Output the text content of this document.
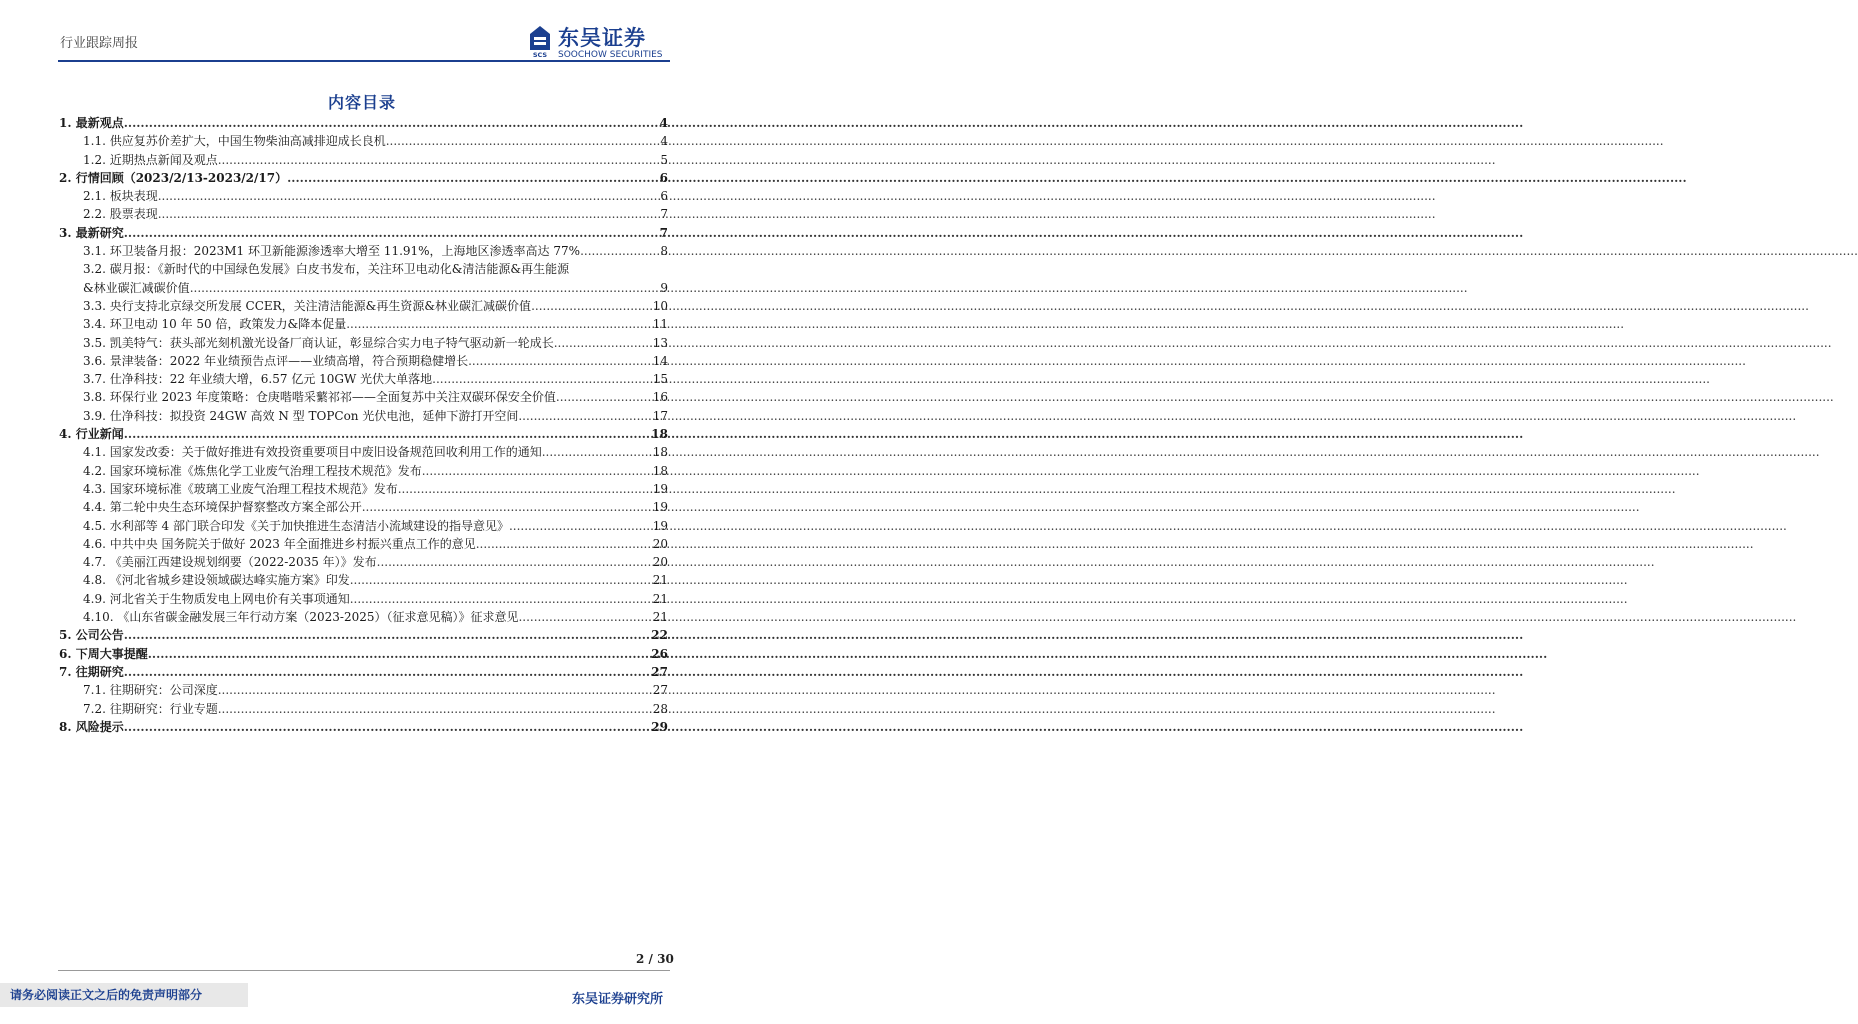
行业跟踪周报
SCS
东吴证券
SOOCHOW SECURITIES
内容目录
1. 最新观点 .....	4
1.1. 供应复苏价差扩大，中国生物柴油高减排迎成长良机 .....	4
1.2. 近期热点新闻及观点 .....	5
2. 行情回顾（2023/2/13-2023/2/17） .....	6
2.1. 板块表现 .....	6
2.2. 股票表现 .....	7
3. 最新研究 .....	7
3.1. 环卫装备月报：2023M1 环卫新能源渗透率大增至 11.91%，上海地区渗透率高达 77% .....	8
3.2. 碳月报：《新时代的中国绿色发展》白皮书发布，关注环卫电动化&清洁能源&再生能源
&林业碳汇减碳价值 .....	9
3.3. 央行支持北京绿交所发展 CCER，关注清洁能源&再生资源&林业碳汇减碳价值 .....	10
3.4. 环卫电动 10 年 50 倍，政策发力&降本促量 .....	11
3.5. 凯美特气：获头部光刻机激光设备厂商认证，彰显综合实力电子特气驱动新一轮成长 .....	13
3.6. 景津装备：2022 年业绩预告点评——业绩高增，符合预期稳健增长 .....	14
3.7. 仕净科技：22 年业绩大增，6.57 亿元 10GW 光伏大单落地 .....	15
3.8. 环保行业 2023 年度策略：仓庚喈喈采蘩祁祁——全面复苏中关注双碳环保安全价值 .....	16
3.9. 仕净科技：拟投资 24GW 高效 N 型 TOPCon 光伏电池，延伸下游打开空间 .....	17
4. 行业新闻 .....	18
4.1. 国家发改委：关于做好推进有效投资重要项目中废旧设备规范回收利用工作的通知 .....	18
4.2. 国家环境标准《炼焦化学工业废气治理工程技术规范》发布 .....	18
4.3. 国家环境标准《玻璃工业废气治理工程技术规范》发布 .....	19
4.4. 第二轮中央生态环境保护督察整改方案全部公开 .....	19
4.5. 水利部等 4 部门联合印发《关于加快推进生态清洁小流域建设的指导意见》 .....	19
4.6. 中共中央 国务院关于做好 2023 年全面推进乡村振兴重点工作的意见 .....	20
4.7. 《美丽江西建设规划纲要（2022-2035 年）》发布 .....	20
4.8. 《河北省城乡建设领域碳达峰实施方案》印发 .....	21
4.9. 河北省关于生物质发电上网电价有关事项通知 .....	21
4.10. 《山东省碳金融发展三年行动方案（2023-2025）（征求意见稿）》征求意见 .....	21
5. 公司公告 .....	22
6. 下周大事提醒 .....	26
7. 往期研究 .....	27
7.1. 往期研究：公司深度 .....	27
7.2. 往期研究：行业专题 .....	28
8. 风险提示 .....	29
2 / 30
请务必阅读正文之后的免责声明部分	东吴证券研究所
